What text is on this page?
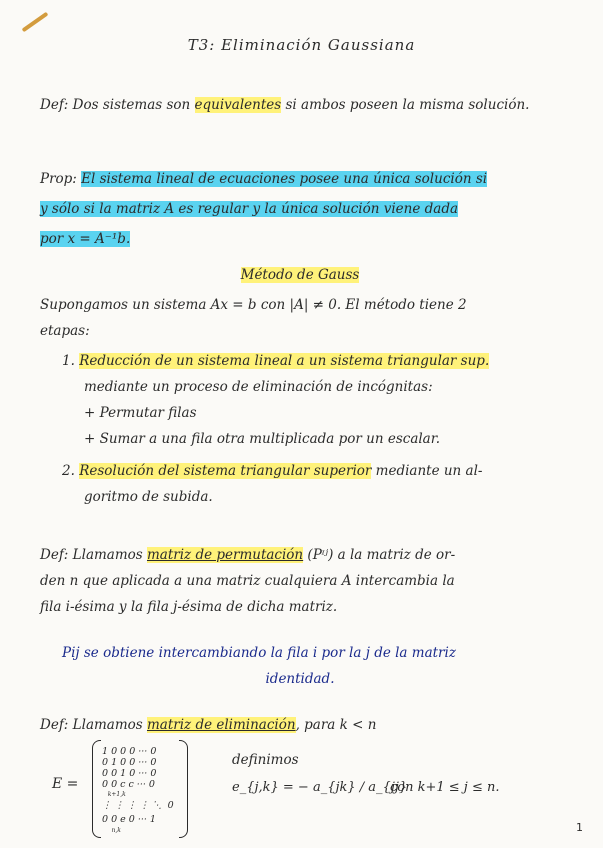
T3: Eliminación Gaussiana
Def: Dos sistemas son equivalentes si ambos poseen la misma solución.
Prop: El sistema lineal de ecuaciones posee una única solución si
y sólo si la matriz A es regular y la única solución viene dada
por x = A⁻¹b.
Método de Gauss
Supongamos un sistema Ax = b con |A| ≠ 0. El método tiene 2
etapas:
1. Reducción de un sistema lineal a un sistema triangular sup.
mediante un proceso de eliminación de incógnitas:
+ Permutar filas
+ Sumar a una fila otra multiplicada por un escalar.
2. Resolución del sistema triangular superior mediante un al-
goritmo de subida.
Def: Llamamos matriz de permutación (Pᶦʲ) a la matriz de or-
den n que aplicada a una matriz cualquiera A intercambia la
fila i-ésima y la fila j-ésima de dicha matriz.
Pij se obtiene intercambiando la fila i por la j de la matriz
identidad.
Def: Llamamos matriz de eliminación, para k < n
E =
1 0 0 0 ··· 0
0 1 0 0 ··· 0
0 0 1 0 ··· 0
0 0 c c ··· 0
k+1,k
⋮ ⋮ ⋮ ⋮ ⋱  0
0 0 e 0 ··· 1
n,k
definimos
e_{j,k} = − a_{jk} / a_{jj}
con k+1 ≤ j ≤ n.
1
